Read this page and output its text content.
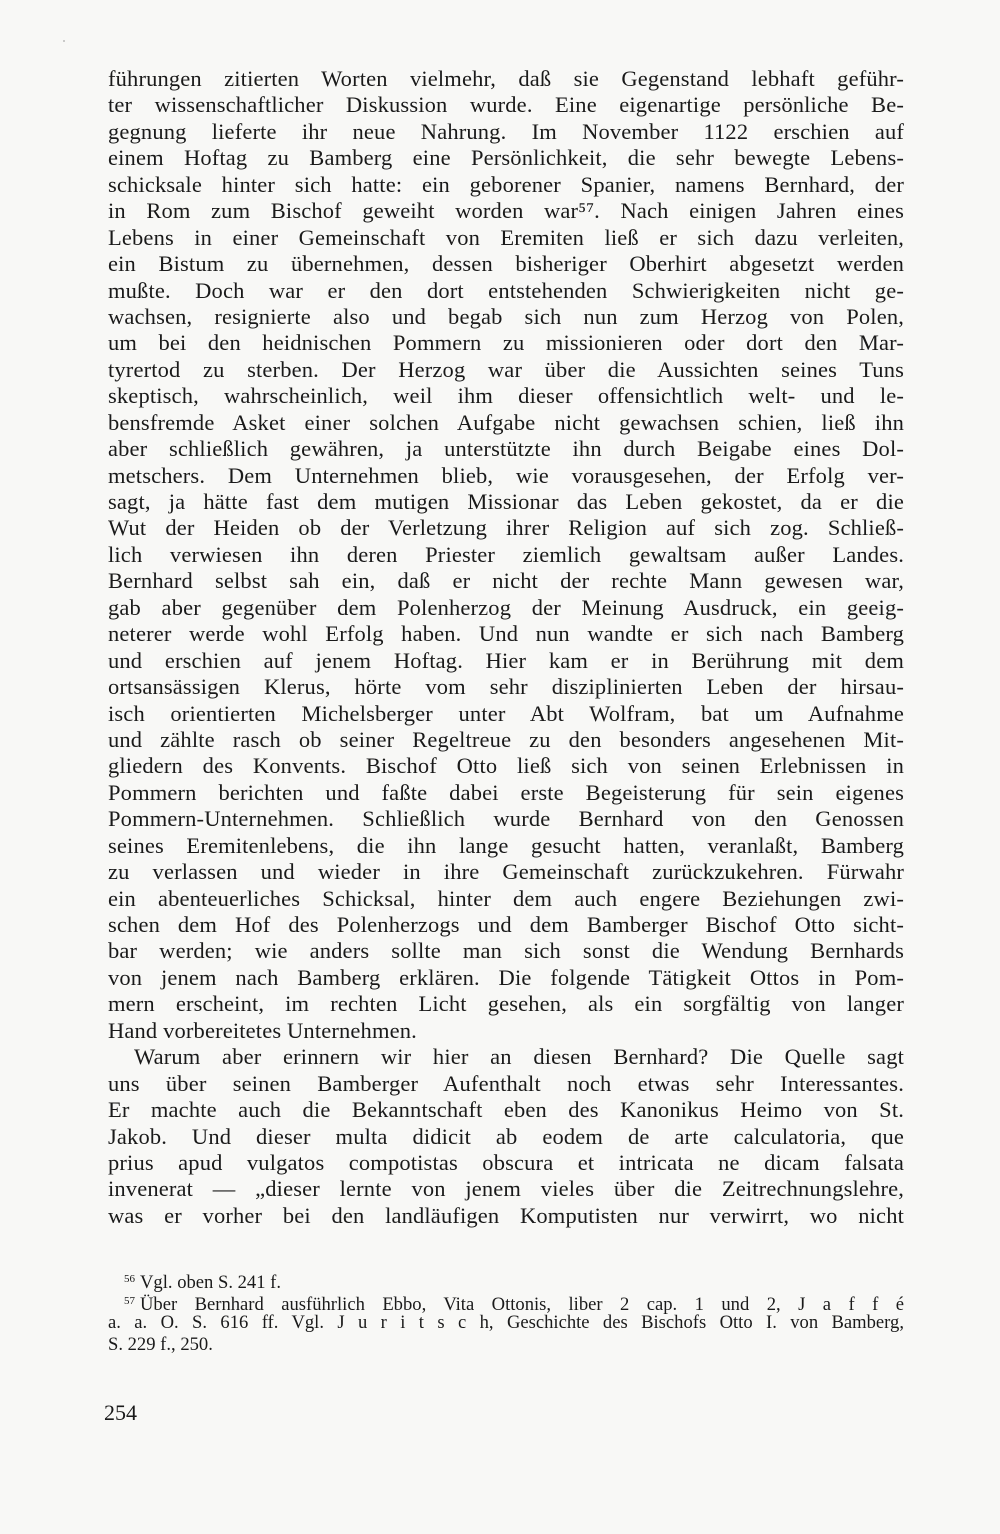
führungen zitierten Worten vielmehr, daß sie Gegenstand lebhaft geführ-
ter wissenschaftlicher Diskussion wurde. Eine eigenartige persönliche Be-
gegnung lieferte ihr neue Nahrung. Im November 1122 erschien auf
einem Hoftag zu Bamberg eine Persönlichkeit, die sehr bewegte Lebens-
schicksale hinter sich hatte: ein geborener Spanier, namens Bernhard, der
in Rom zum Bischof geweiht worden war⁵⁷. Nach einigen Jahren eines
Lebens in einer Gemeinschaft von Eremiten ließ er sich dazu verleiten,
ein Bistum zu übernehmen, dessen bisheriger Oberhirt abgesetzt werden
mußte. Doch war er den dort entstehenden Schwierigkeiten nicht ge-
wachsen, resignierte also und begab sich nun zum Herzog von Polen,
um bei den heidnischen Pommern zu missionieren oder dort den Mar-
tyrertod zu sterben. Der Herzog war über die Aussichten seines Tuns
skeptisch, wahrscheinlich, weil ihm dieser offensichtlich welt- und le-
bensfremde Asket einer solchen Aufgabe nicht gewachsen schien, ließ ihn
aber schließlich gewähren, ja unterstützte ihn durch Beigabe eines Dol-
metschers. Dem Unternehmen blieb, wie vorausgesehen, der Erfolg ver-
sagt, ja hätte fast dem mutigen Missionar das Leben gekostet, da er die
Wut der Heiden ob der Verletzung ihrer Religion auf sich zog. Schließ-
lich verwiesen ihn deren Priester ziemlich gewaltsam außer Landes.
Bernhard selbst sah ein, daß er nicht der rechte Mann gewesen war,
gab aber gegenüber dem Polenherzog der Meinung Ausdruck, ein geeig-
neterer werde wohl Erfolg haben. Und nun wandte er sich nach Bamberg
und erschien auf jenem Hoftag. Hier kam er in Berührung mit dem
ortsansässigen Klerus, hörte vom sehr disziplinierten Leben der hirsau-
isch orientierten Michelsberger unter Abt Wolfram, bat um Aufnahme
und zählte rasch ob seiner Regeltreue zu den besonders angesehenen Mit-
gliedern des Konvents. Bischof Otto ließ sich von seinen Erlebnissen in
Pommern berichten und faßte dabei erste Begeisterung für sein eigenes
Pommern-Unternehmen. Schließlich wurde Bernhard von den Genossen
seines Eremitenlebens, die ihn lange gesucht hatten, veranlaßt, Bamberg
zu verlassen und wieder in ihre Gemeinschaft zurückzukehren. Fürwahr
ein abenteuerliches Schicksal, hinter dem auch engere Beziehungen zwi-
schen dem Hof des Polenherzogs und dem Bamberger Bischof Otto sicht-
bar werden; wie anders sollte man sich sonst die Wendung Bernhards
von jenem nach Bamberg erklären. Die folgende Tätigkeit Ottos in Pom-
mern erscheint, im rechten Licht gesehen, als ein sorgfältig von langer
Hand vorbereitetes Unternehmen.
Warum aber erinnern wir hier an diesen Bernhard? Die Quelle sagt
uns über seinen Bamberger Aufenthalt noch etwas sehr Interessantes.
Er machte auch die Bekanntschaft eben des Kanonikus Heimo von St.
Jakob. Und dieser multa didicit ab eodem de arte calculatoria, que
prius apud vulgatos compotistas obscura et intricata ne dicam falsata
invenerat — „dieser lernte von jenem vieles über die Zeitrechnungslehre,
was er vorher bei den landläufigen Komputisten nur verwirrt, wo nicht
$^{56}$ Vgl. oben S. 241 f.
$^{57}$ Über Bernhard ausführlich Ebbo, Vita Ottonis, liber 2 cap. 1 und 2, J a f f é
a. a. O. S. 616 ff. Vgl. J u r i t s c h, Geschichte des Bischofs Otto I. von Bamberg,
S. 229 f., 250.
254
